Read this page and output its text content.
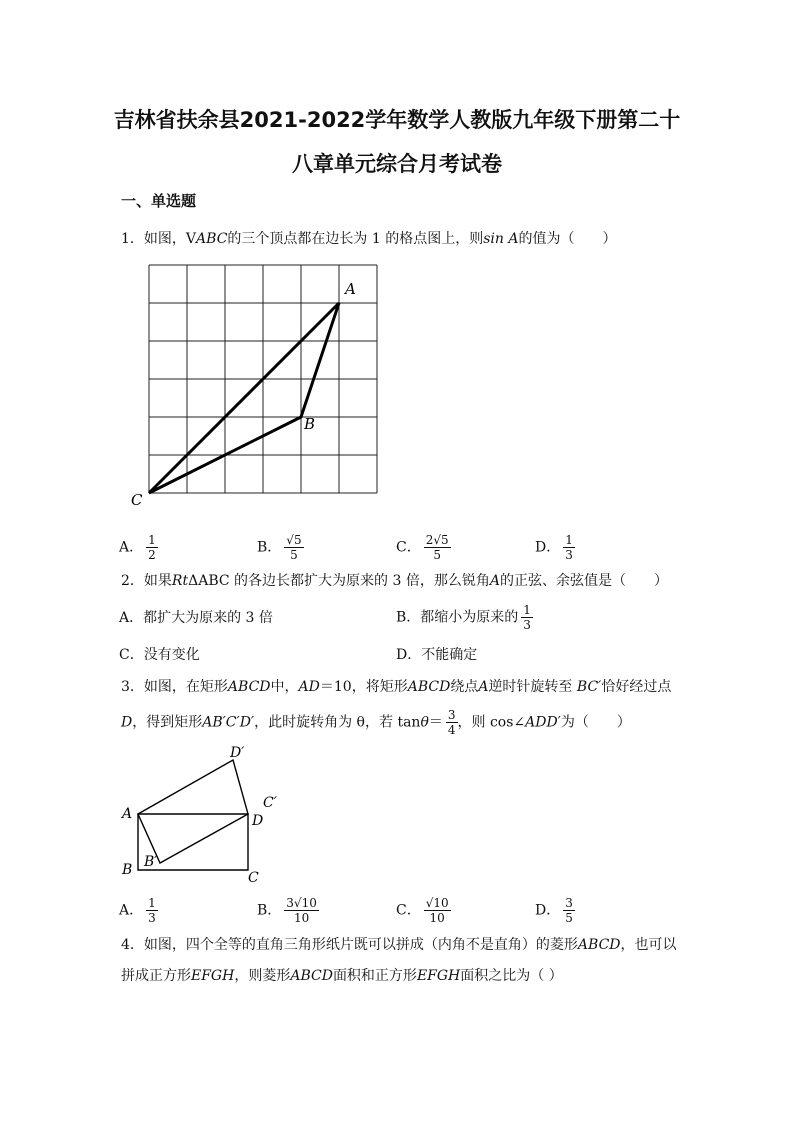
吉林省扶余县2021-2022学年数学人教版九年级下册第二十
八章单元综合月考试卷
一、单选题
1．如图，VABC的三个顶点都在边长为 1 的格点图上，则sin A的值为（　　）
A
B
C
A． $\frac{1}{2}$	B． $\frac{√5}{5}$	C． $\frac{2√5}{5}$	D． $\frac{1}{3}$
2．如果RtΔABC 的各边长都扩大为原来的 3 倍，那么锐角A的正弦、余弦值是（　　）
A．都扩大为原来的 3 倍	B．都缩小为原来的 $\frac{1}{3}$
C．没有变化	D．不能确定
3．如图，在矩形ABCD中，AD＝10，将矩形ABCD绕点A逆时针旋转至 BC′恰好经过点
D，得到矩形AB′C′D′，此时旋转角为 θ，若 $\tan\theta= \frac{3}{4}$ ，则 cos∠ADD′为（　　）
A
B B′
C
C′
D
D′
A． $\frac{1}{3}$	B． $\frac{3√10}{10}$	C． $\frac{√10}{10}$	D． $\frac{3}{5}$
4．如图，四个全等的直角三角形纸片既可以拼成（内角不是直角）的菱形ABCD，也可以
拼成正方形EFGH，则菱形ABCD面积和正方形EFGH面积之比为（ ）
